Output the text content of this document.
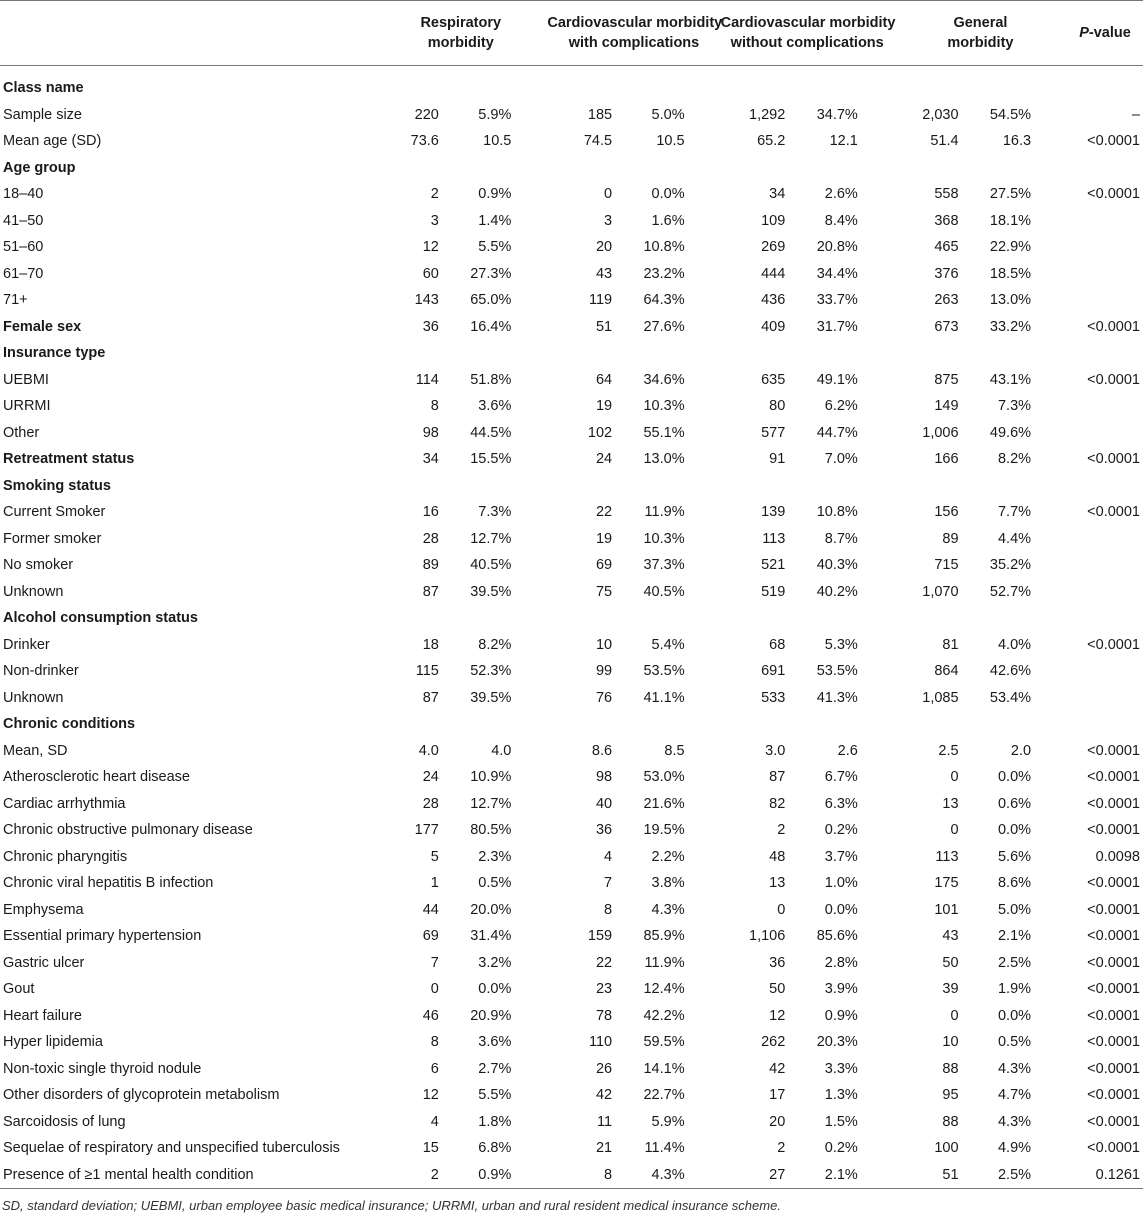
	Respiratory
morbidity		Cardiovascular morbidity
with complications		Cardiovascular morbidity
without complications		General
morbidity		P-value

Class name									
Sample size	220	5.9%	185	5.0%	1,292	34.7%	2,030	54.5%	–
Mean age (SD)	73.6	10.5	74.5	10.5	65.2	12.1	51.4	16.3	<0.0001
Age group									
18–40	2	0.9%	0	0.0%	34	2.6%	558	27.5%	<0.0001
41–50	3	1.4%	3	1.6%	109	8.4%	368	18.1%	
51–60	12	5.5%	20	10.8%	269	20.8%	465	22.9%	
61–70	60	27.3%	43	23.2%	444	34.4%	376	18.5%	
71+	143	65.0%	119	64.3%	436	33.7%	263	13.0%	
Female sex	36	16.4%	51	27.6%	409	31.7%	673	33.2%	<0.0001
Insurance type									
UEBMI	114	51.8%	64	34.6%	635	49.1%	875	43.1%	<0.0001
URRMI	8	3.6%	19	10.3%	80	6.2%	149	7.3%	
Other	98	44.5%	102	55.1%	577	44.7%	1,006	49.6%	
Retreatment status	34	15.5%	24	13.0%	91	7.0%	166	8.2%	<0.0001
Smoking status									
Current Smoker	16	7.3%	22	11.9%	139	10.8%	156	7.7%	<0.0001
Former smoker	28	12.7%	19	10.3%	113	8.7%	89	4.4%	
No smoker	89	40.5%	69	37.3%	521	40.3%	715	35.2%	
Unknown	87	39.5%	75	40.5%	519	40.2%	1,070	52.7%	
Alcohol consumption status									
Drinker	18	8.2%	10	5.4%	68	5.3%	81	4.0%	<0.0001
Non-drinker	115	52.3%	99	53.5%	691	53.5%	864	42.6%	
Unknown	87	39.5%	76	41.1%	533	41.3%	1,085	53.4%	
Chronic conditions									
Mean, SD	4.0	4.0	8.6	8.5	3.0	2.6	2.5	2.0	<0.0001
Atherosclerotic heart disease	24	10.9%	98	53.0%	87	6.7%	0	0.0%	<0.0001
Cardiac arrhythmia	28	12.7%	40	21.6%	82	6.3%	13	0.6%	<0.0001
Chronic obstructive pulmonary disease	177	80.5%	36	19.5%	2	0.2%	0	0.0%	<0.0001
Chronic pharyngitis	5	2.3%	4	2.2%	48	3.7%	113	5.6%	0.0098
Chronic viral hepatitis B infection	1	0.5%	7	3.8%	13	1.0%	175	8.6%	<0.0001
Emphysema	44	20.0%	8	4.3%	0	0.0%	101	5.0%	<0.0001
Essential primary hypertension	69	31.4%	159	85.9%	1,106	85.6%	43	2.1%	<0.0001
Gastric ulcer	7	3.2%	22	11.9%	36	2.8%	50	2.5%	<0.0001
Gout	0	0.0%	23	12.4%	50	3.9%	39	1.9%	<0.0001
Heart failure	46	20.9%	78	42.2%	12	0.9%	0	0.0%	<0.0001
Hyper lipidemia	8	3.6%	110	59.5%	262	20.3%	10	0.5%	<0.0001
Non-toxic single thyroid nodule	6	2.7%	26	14.1%	42	3.3%	88	4.3%	<0.0001
Other disorders of glycoprotein metabolism	12	5.5%	42	22.7%	17	1.3%	95	4.7%	<0.0001
Sarcoidosis of lung	4	1.8%	11	5.9%	20	1.5%	88	4.3%	<0.0001
Sequelae of respiratory and unspecified tuberculosis	15	6.8%	21	11.4%	2	0.2%	100	4.9%	<0.0001
Presence of ≥1 mental health condition	2	0.9%	8	4.3%	27	2.1%	51	2.5%	0.1261
SD, standard deviation; UEBMI, urban employee basic medical insurance; URRMI, urban and rural resident medical insurance scheme.
